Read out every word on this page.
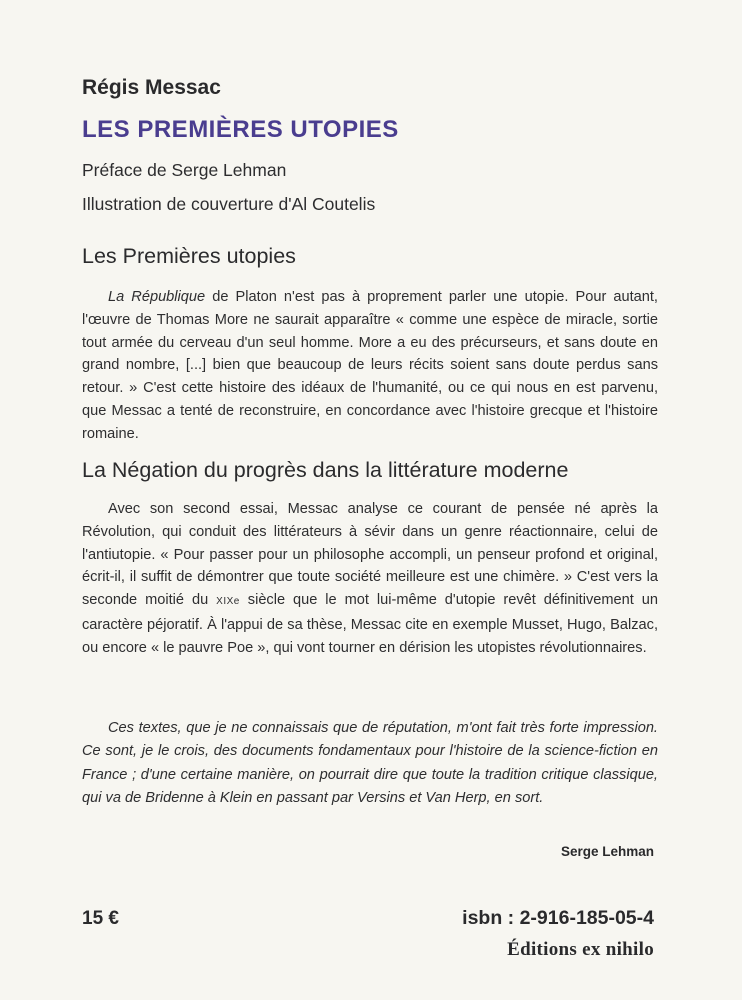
Régis Messac
LES PREMIÈRES UTOPIES
Préface de Serge Lehman
Illustration de couverture d'Al Coutelis
Les Premières utopies
La République de Platon n'est pas à proprement parler une utopie. Pour autant, l'œuvre de Thomas More ne saurait apparaître « comme une espèce de miracle, sortie tout armée du cerveau d'un seul homme. More a eu des précurseurs, et sans doute en grand nombre, [...] bien que beaucoup de leurs récits soient sans doute perdus sans retour. » C'est cette histoire des idéaux de l'humanité, ou ce qui nous en est parvenu, que Messac a tenté de reconstruire, en concordance avec l'histoire grecque et l'histoire romaine.
La Négation du progrès dans la littérature moderne
Avec son second essai, Messac analyse ce courant de pensée né après la Révolution, qui conduit des littérateurs à sévir dans un genre réactionnaire, celui de l'antiutopie. « Pour passer pour un philosophe accompli, un penseur profond et original, écrit-il, il suffit de démontrer que toute société meilleure est une chimère. » C'est vers la seconde moitié du XIXe siècle que le mot lui-même d'utopie revêt définitivement un caractère péjoratif. À l'appui de sa thèse, Messac cite en exemple Musset, Hugo, Balzac, ou encore « le pauvre Poe », qui vont tourner en dérision les utopistes révolutionnaires.
Ces textes, que je ne connaissais que de réputation, m'ont fait très forte impression. Ce sont, je le crois, des documents fondamentaux pour l'histoire de la science-fiction en France ; d'une certaine manière, on pourrait dire que toute la tradition critique classique, qui va de Bridenne à Klein en passant par Versins et Van Herp, en sort.
Serge Lehman
15 €	isbn : 2-916-185-05-4
Éditions ex nihilo
